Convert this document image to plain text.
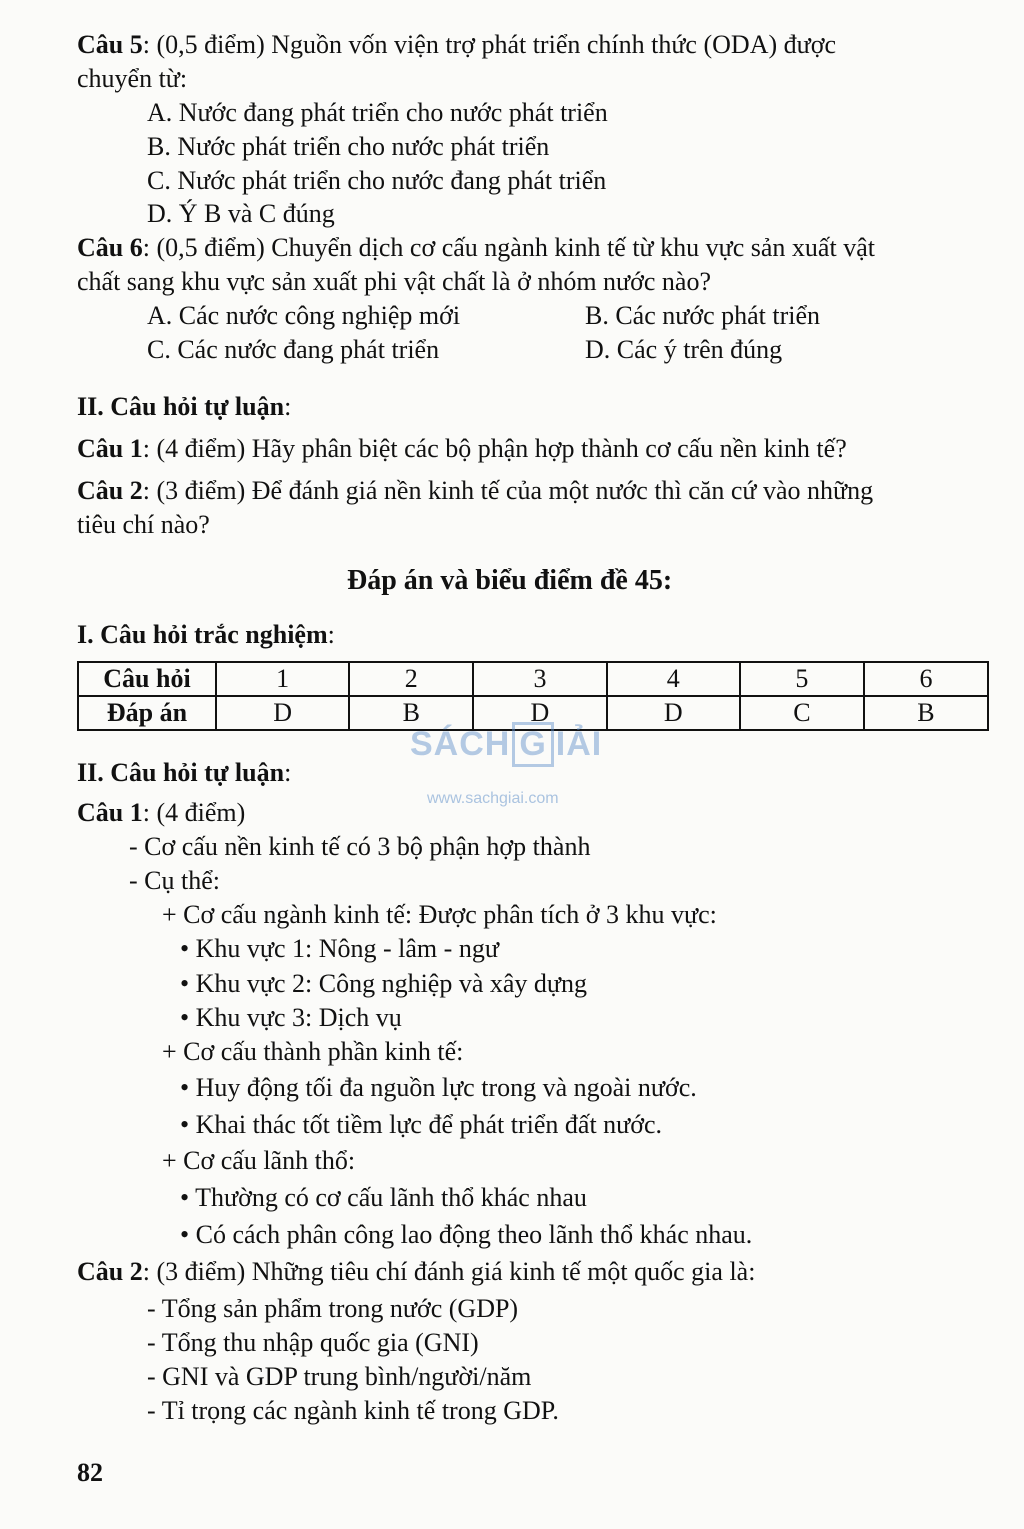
Câu 5: (0,5 điểm) Nguồn vốn viện trợ phát triển chính thức (ODA) được
chuyển từ:
A. Nước đang phát triển cho nước phát triển
B. Nước phát triển cho nước phát triển
C. Nước phát triển cho nước đang phát triển
D. Ý B và C đúng
Câu 6: (0,5 điểm) Chuyển dịch cơ cấu ngành kinh tế từ khu vực sản xuất vật
chất sang khu vực sản xuất phi vật chất là ở nhóm nước nào?
A. Các nước công nghiệp mới	B. Các nước phát triển
C. Các nước đang phát triển	D. Các ý trên đúng
II. Câu hỏi tự luận:
Câu 1: (4 điểm) Hãy phân biệt các bộ phận hợp thành cơ cấu nền kinh tế?
Câu 2: (3 điểm) Để đánh giá nền kinh tế của một nước thì căn cứ vào những
tiêu chí nào?
Đáp án và biểu điểm đề 45:
I. Câu hỏi trắc nghiệm:
Câu hỏi	1	2	3	4	5	6
Đáp án	D	B	D	D	C	B
SÁCH G IẢI
www.sachgiai.com
II. Câu hỏi tự luận:
Câu 1: (4 điểm)
- Cơ cấu nền kinh tế có 3 bộ phận hợp thành
- Cụ thể:
+ Cơ cấu ngành kinh tế: Được phân tích ở 3 khu vực:
• Khu vực 1: Nông - lâm - ngư
• Khu vực 2: Công nghiệp và xây dựng
• Khu vực 3: Dịch vụ
+ Cơ cấu thành phần kinh tế:
• Huy động tối đa nguồn lực trong và ngoài nước.
• Khai thác tốt tiềm lực để phát triển đất nước.
+ Cơ cấu lãnh thổ:
• Thường có cơ cấu lãnh thổ khác nhau
• Có cách phân công lao động theo lãnh thổ khác nhau.
Câu 2: (3 điểm) Những tiêu chí đánh giá kinh tế một quốc gia là:
- Tổng sản phẩm trong nước (GDP)
- Tổng thu nhập quốc gia (GNI)
- GNI và GDP trung bình/người/năm
- Tỉ trọng các ngành kinh tế trong GDP.
82
